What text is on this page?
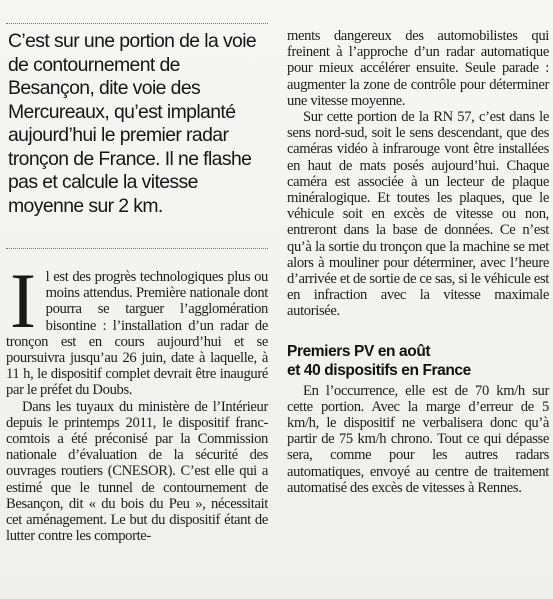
C’est sur une portion de la voie de contournement de Besançon, dite voie des Mercureaux, qu’est implanté aujourd’hui le premier radar tronçon de France. Il ne flashe pas et calcule la vitesse moyenne sur 2 km.

Il est des progrès technologiques plus ou moins attendus. Première nationale dont pourra se targuer l’agglomération bisontine : l’installation d’un radar de tronçon est en cours aujourd’hui et se poursuivra jusqu’au 26 juin, date à laquelle, à 11 h, le dispositif complet devrait être inauguré par le préfet du Doubs.

Dans les tuyaux du ministère de l’Intérieur depuis le printemps 2011, le dispositif franc-comtois a été préconisé par la Commission nationale d’évaluation de la sécurité des ouvrages routiers (CNESOR). C’est elle qui a estimé que le tunnel de contournement de Besançon, dit « du bois du Peu », nécessitait cet aménagement. Le but du dispositif étant de lutter contre les comporte-

ments dangereux des automobilistes qui freinent à l’approche d’un radar automatique pour mieux accélérer ensuite. Seule parade : augmenter la zone de contrôle pour déterminer une vitesse moyenne.

Sur cette portion de la RN 57, c’est dans le sens nord-sud, soit le sens descendant, que des caméras vidéo à infrarouge vont être installées en haut de mats posés aujourd’hui. Chaque caméra est associée à un lecteur de plaque minéralogique. Et toutes les plaques, que le véhicule soit en excès de vitesse ou non, entreront dans la base de données. Ce n’est qu’à la sortie du tronçon que la machine se met alors à mouliner pour déterminer, avec l’heure d’arrivée et de sortie de ce sas, si le véhicule est en infraction avec la vitesse maximale autorisée.

Premiers PV en août
et 40 dispositifs en France

En l’occurrence, elle est de 70 km/h sur cette portion. Avec la marge d’erreur de 5 km/h, le dispositif ne verbalisera donc qu’à partir de 75 km/h chrono. Tout ce qui dépasse sera, comme pour les autres radars automatiques, envoyé au centre de traitement automatisé des excès de vitesses à Rennes.
